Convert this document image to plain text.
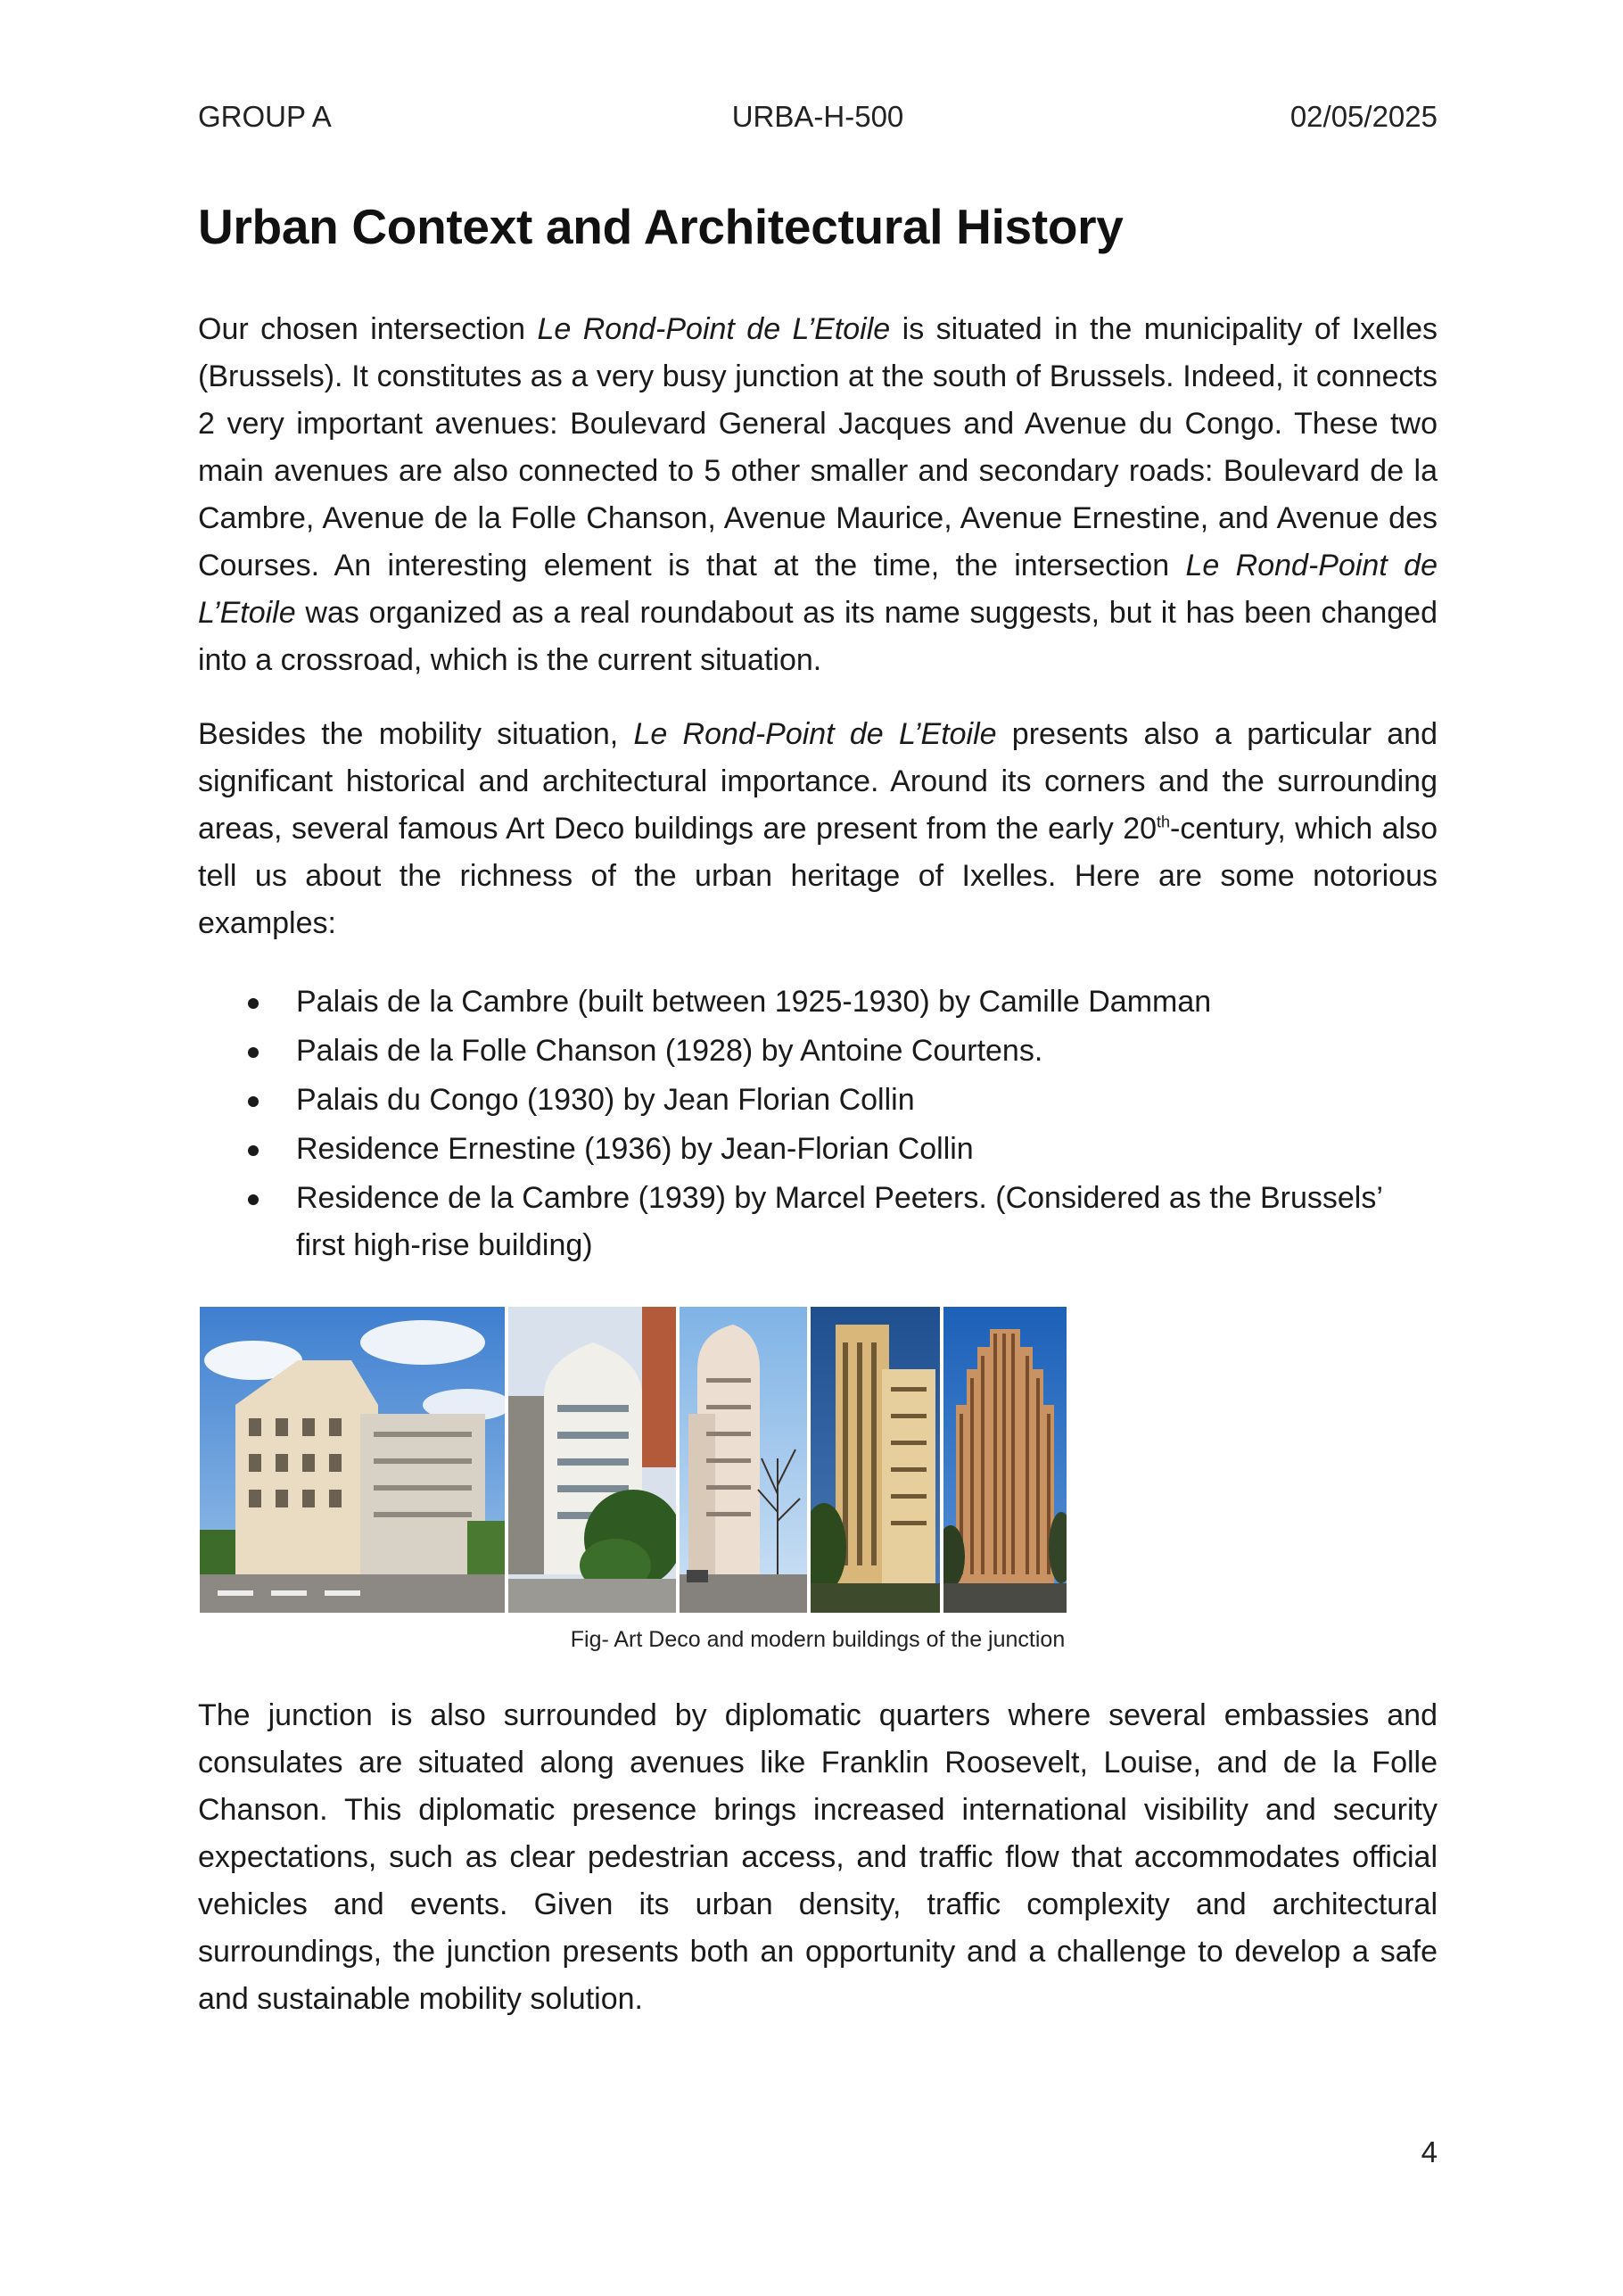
GROUP A	URBA-H-500	02/05/2025
Urban Context and Architectural History

Our chosen intersection Le Rond-Point de L’Etoile is situated in the municipality of Ixelles (Brussels). It constitutes as a very busy junction at the south of Brussels. Indeed, it connects 2 very important avenues: Boulevard General Jacques and Avenue du Congo. These two main avenues are also connected to 5 other smaller and secondary roads: Boulevard de la Cambre, Avenue de la Folle Chanson, Avenue Maurice, Avenue Ernestine, and Avenue des Courses. An interesting element is that at the time, the intersection Le Rond-Point de L’Etoile was organized as a real roundabout as its name suggests, but it has been changed into a crossroad, which is the current situation.

Besides the mobility situation, Le Rond-Point de L’Etoile presents also a particular and significant historical and architectural importance. Around its corners and the surrounding areas, several famous Art Deco buildings are present from the early 20th-century, which also tell us about the richness of the urban heritage of Ixelles. Here are some notorious examples:

Palais de la Cambre (built between 1925-1930) by Camille Damman
Palais de la Folle Chanson (1928) by Antoine Courtens.
Palais du Congo (1930) by Jean Florian Collin
Residence Ernestine (1936) by Jean-Florian Collin
Residence de la Cambre (1939) by Marcel Peeters. (Considered as the Brussels’ first high-rise building)
Fig- Art Deco and modern buildings of the junction

The junction is also surrounded by diplomatic quarters where several embassies and consulates are situated along avenues like Franklin Roosevelt, Louise, and de la Folle Chanson. This diplomatic presence brings increased international visibility and security expectations, such as clear pedestrian access, and traffic flow that accommodates official vehicles and events. Given its urban density, traffic complexity and architectural surroundings, the junction presents both an opportunity and a challenge to develop a safe and sustainable mobility solution.

4
